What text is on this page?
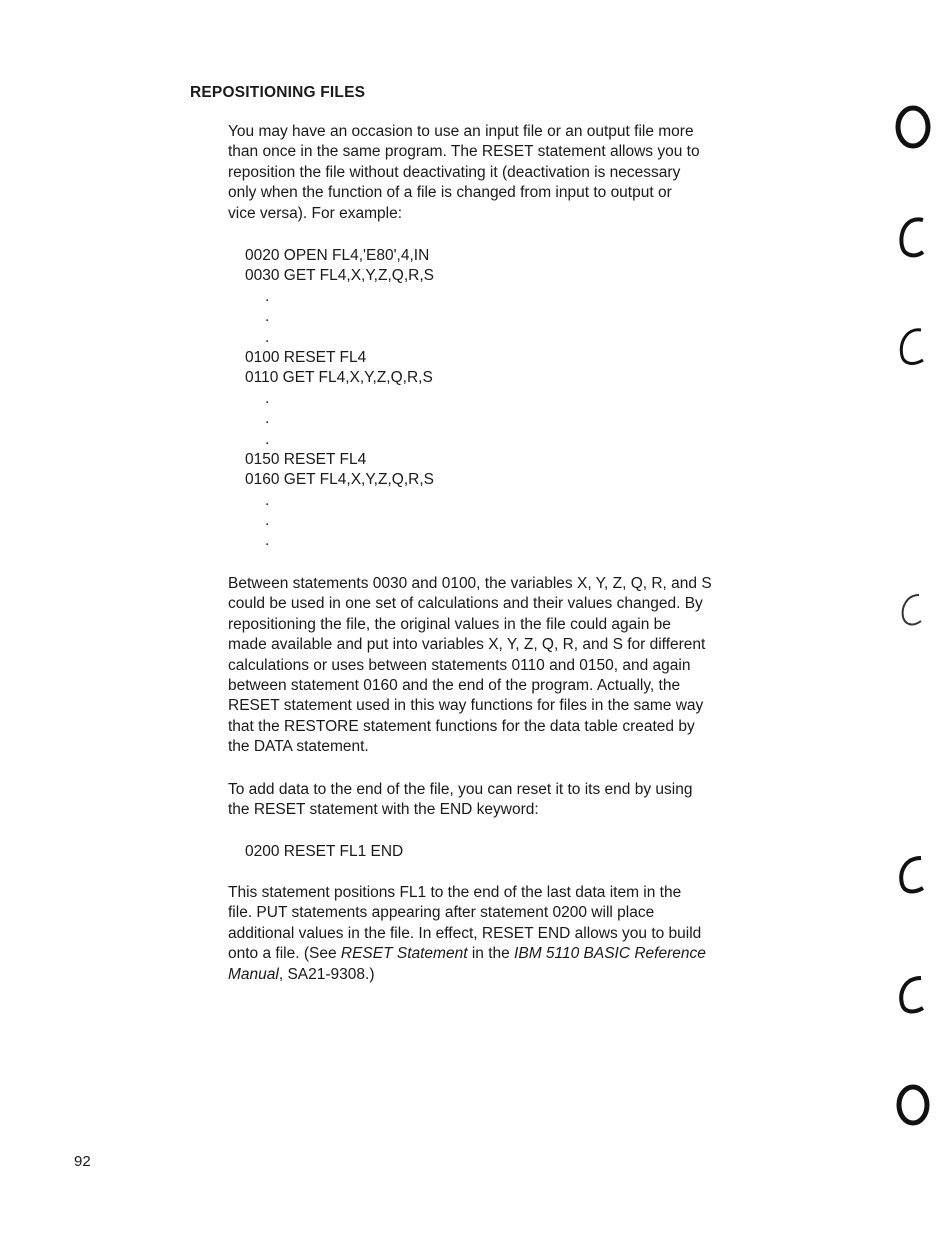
REPOSITIONING FILES
You may have an occasion to use an input file or an output file more
than once in the same program. The RESET statement allows you to
reposition the file without deactivating it (deactivation is necessary
only when the function of a file is changed from input to output or
vice versa). For example:
0020 OPEN FL4,'E80',4,IN
0030 GET FL4,X,Y,Z,Q,R,S
.
.
.
0100 RESET FL4
0110 GET FL4,X,Y,Z,Q,R,S
.
.
.
0150 RESET FL4
0160 GET FL4,X,Y,Z,Q,R,S
.
.
.
Between statements 0030 and 0100, the variables X, Y, Z, Q, R, and S
could be used in one set of calculations and their values changed. By
repositioning the file, the original values in the file could again be
made available and put into variables X, Y, Z, Q, R, and S for different
calculations or uses between statements 0110 and 0150, and again
between statement 0160 and the end of the program. Actually, the
RESET statement used in this way functions for files in the same way
that the RESTORE statement functions for the data table created by
the DATA statement.
To add data to the end of the file, you can reset it to its end by using
the RESET statement with the END keyword:
0200 RESET FL1 END
This statement positions FL1 to the end of the last data item in the
file. PUT statements appearing after statement 0200 will place
additional values in the file. In effect, RESET END allows you to build
onto a file. (See RESET Statement in the IBM 5110 BASIC Reference
Manual, SA21-9308.)
92
